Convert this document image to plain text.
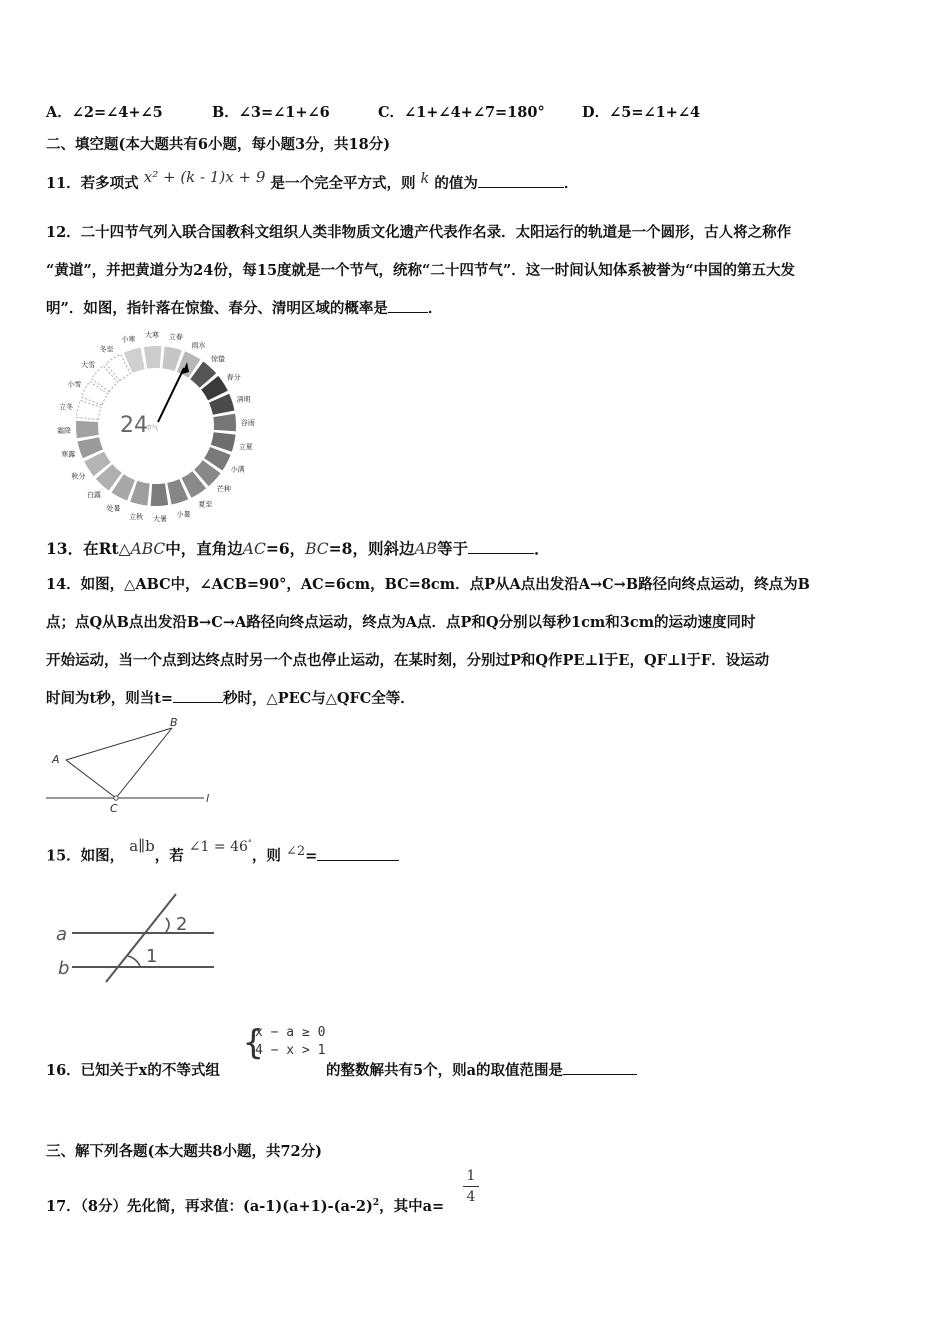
A．∠2=∠4+∠5	B．∠3=∠1+∠6	C．∠1+∠4+∠7=180°	D．∠5=∠1+∠4
二、填空题(本大题共有6小题，每小题3分，共18分)
11．若多项式 x² + (k - 1)x + 9 是一个完全平方式，则 k 的值为	．
12．二十四节气列入联合国教科文组织人类非物质文化遗产代表作名录．太阳运行的轨道是一个圆形，古人将之称作
“黄道”，并把黄道分为24份，每15度就是一个节气，统称“二十四节气”．这一时间认知体系被誉为“中国的第五大发
明”．如图，指针落在惊蛰、春分、清明区域的概率是	．
小寒
大寒 立春
雨水
惊蛰
春分
清明
谷雨
立夏
小满
芒种
夏至
小暑
大暑
立秋
处暑
白露
秋分
寒露
霜降
立冬
小雪
大雪
冬至
24
节气
13．在Rt△ABC中，直角边AC=6，BC=8，则斜边AB等于	．
14．如图，△ABC中，∠ACB=90°，AC=6cm，BC=8cm．点P从A点出发沿A→C→B路径向终点运动，终点为B
点；点Q从B点出发沿B→C→A路径向终点运动，终点为A点．点P和Q分别以每秒1cm和3cm的运动速度同时
开始运动，当一个点到达终点时另一个点也停止运动，在某时刻，分别过P和Q作PE⊥l于E，QF⊥l于F．设运动
时间为t秒，则当t=	秒时，△PEC与△QFC全等．
A
B
C
l
15．如图， a∥b，若 ∠1 = 46°，则 ∠2=
a
b
2
1
{
x − a ≥ 0
4 − x > 1
16．已知关于x的不等式组	的整数解共有5个，则a的取值范围是
三、解下列各题(本大题共8小题，共72分)
17．（8分）先化简，再求值：$(a-1)(a+1)-(a-2)^2$，其中a=
1
4
